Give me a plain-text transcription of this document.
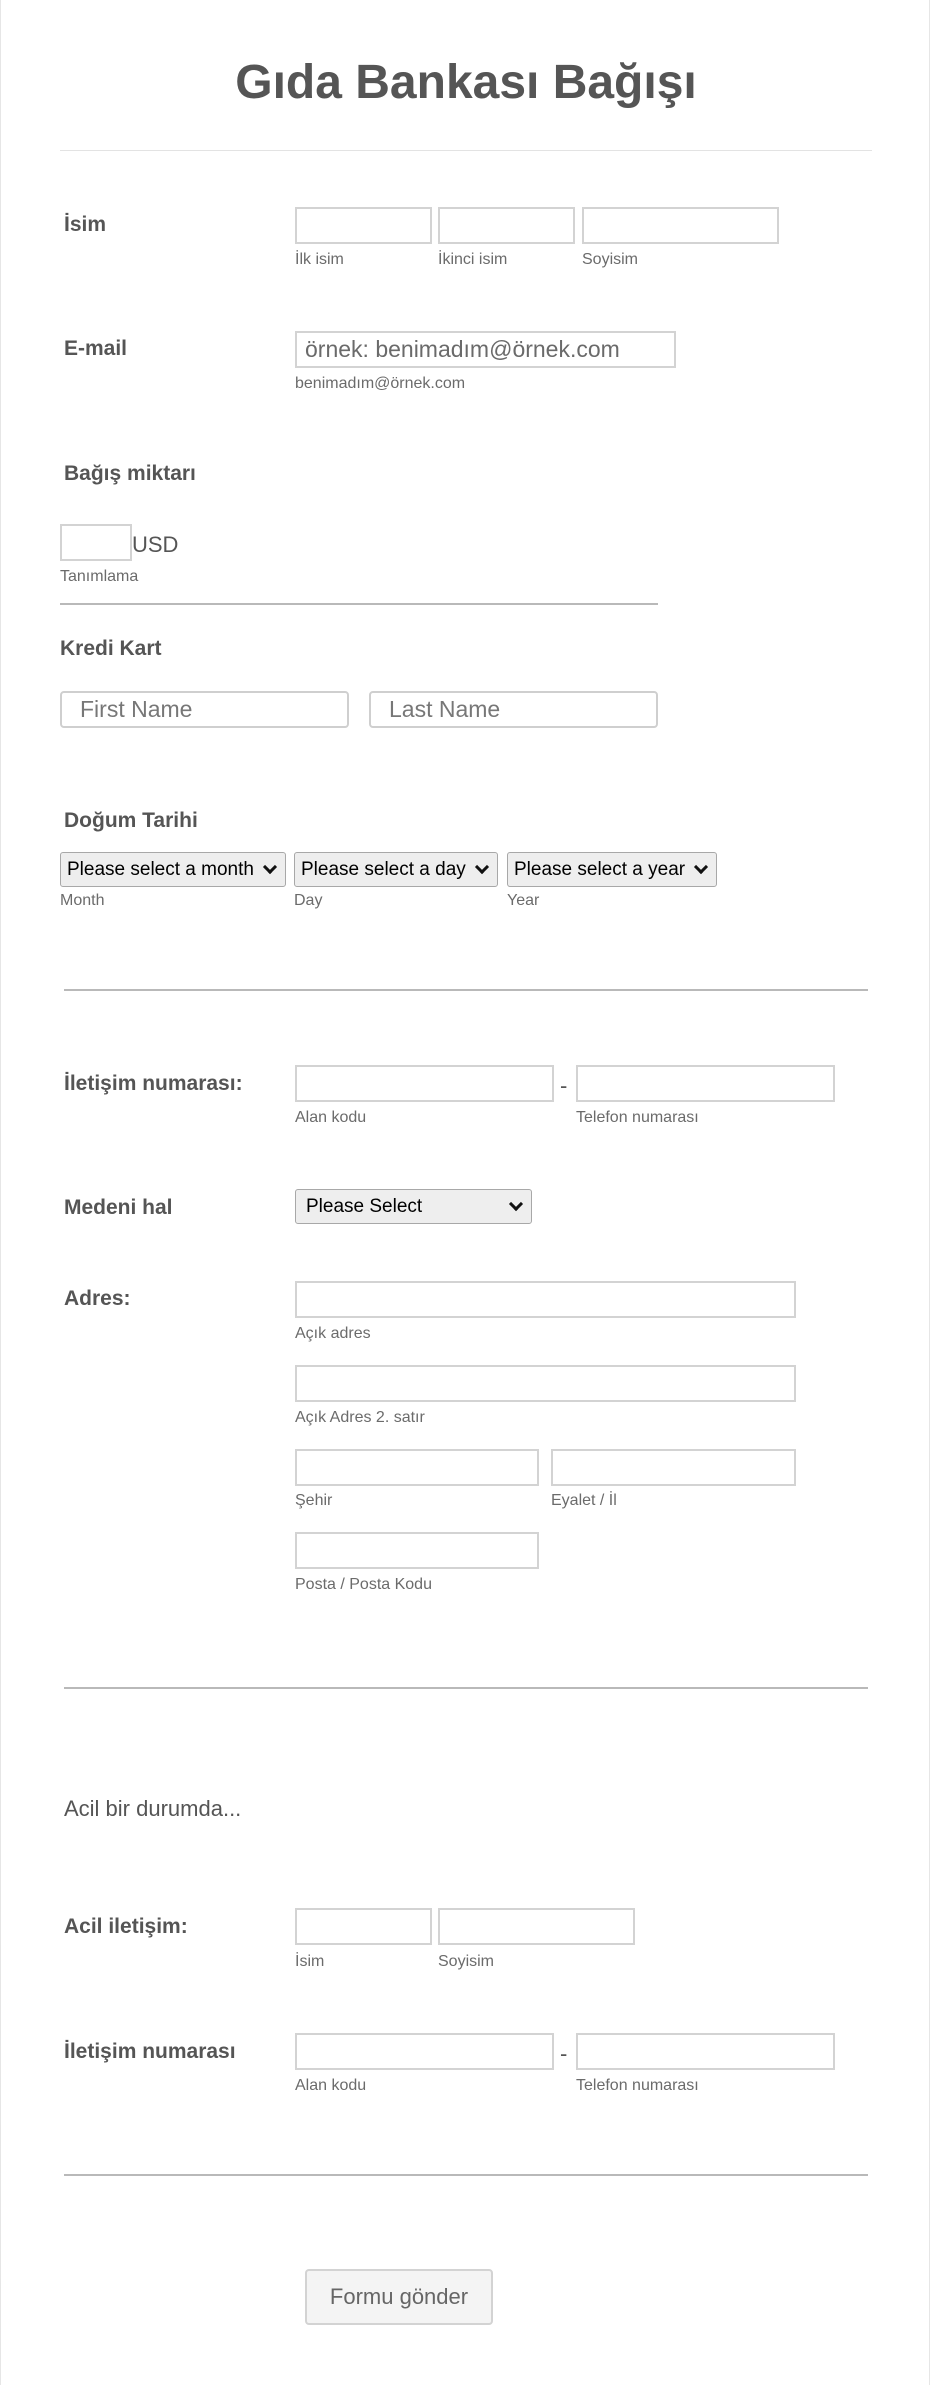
Gıda Bankası Bağışı
İsim
İlk isim	İkinci isim	Soyisim
E-mail
örnek: benimadım@örnek.com
benimadım@örnek.com
Bağış miktarı
USD
Tanımlama
Kredi Kart
First Name
Last Name
Doğum Tarihi
Please select a month Please select a day	Please select a year
Month	Day	Year
İletişim numarası:	-
Alan kodu	Telefon numarası
Medeni hal	Please Select
Adres:
Açık adres
Açık Adres 2. satır
Şehir	Eyalet / İl
Posta / Posta Kodu
Acil bir durumda...
Acil iletişim:
İsim	Soyisim
İletişim numarası	-
Alan kodu	Telefon numarası
Formu gönder
